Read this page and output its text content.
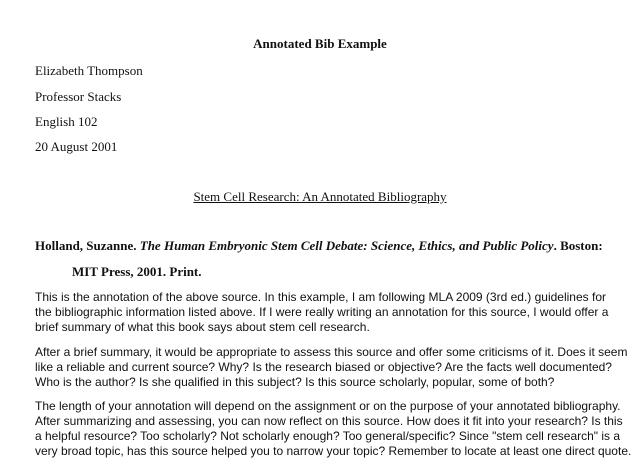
Annotated Bib Example
Elizabeth Thompson
Professor Stacks
English 102
20 August 2001
Stem Cell Research: An Annotated Bibliography
Holland, Suzanne. The Human Embryonic Stem Cell Debate: Science, Ethics, and Public Policy. Boston:
MIT Press, 2001. Print.
This is the annotation of the above source. In this example, I am following MLA 2009 (3rd ed.) guidelines for
the bibliographic information listed above. If I were really writing an annotation for this source, I would offer a
brief summary of what this book says about stem cell research.
After a brief summary, it would be appropriate to assess this source and offer some criticisms of it. Does it seem
like a reliable and current source? Why? Is the research biased or objective? Are the facts well documented?
Who is the author? Is she qualified in this subject? Is this source scholarly, popular, some of both?
The length of your annotation will depend on the assignment or on the purpose of your annotated bibliography.
After summarizing and assessing, you can now reflect on this source. How does it fit into your research? Is this
a helpful resource? Too scholarly? Not scholarly enough? Too general/specific? Since "stem cell research" is a
very broad topic, has this source helped you to narrow your topic? Remember to locate at least one direct quote.
